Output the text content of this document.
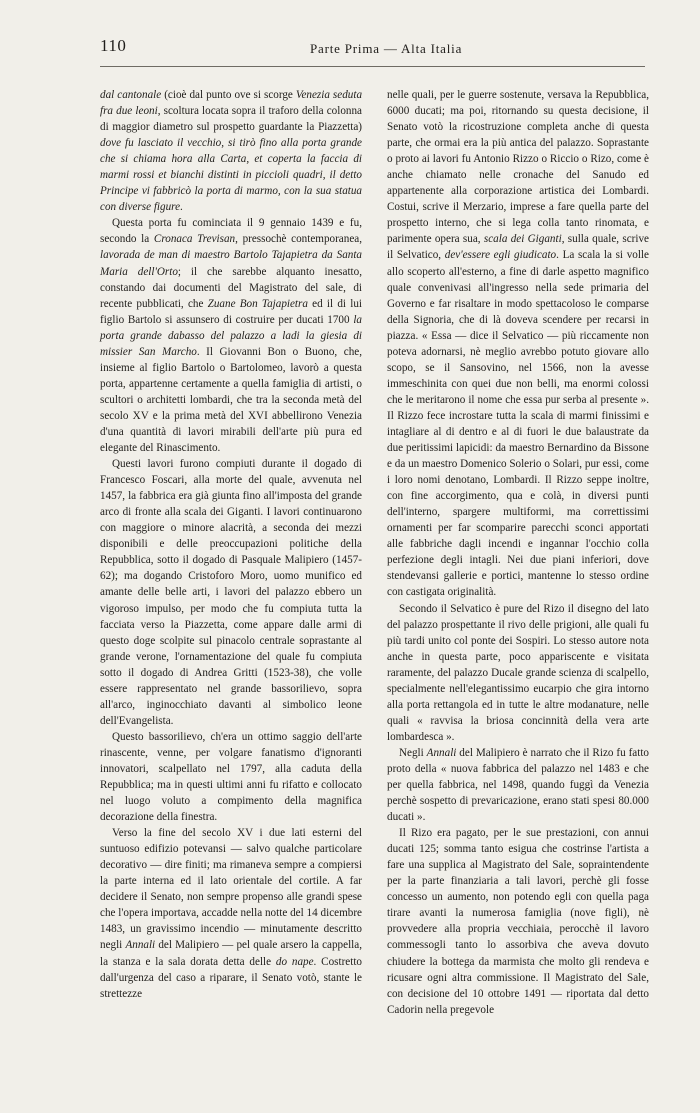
110	Parte Prima — Alta Italia

dal cantonale (cioè dal punto ove si scorge Venezia seduta fra due leoni, scoltura locata sopra il traforo della colonna di maggior diametro sul prospetto guardante la Piazzetta) dove fu lasciato il vecchio, si tirò fino alla porta grande che si chiama hora alla Carta, et coperta la faccia di marmi rossi et bianchi distinti in piccioli quadri, il detto Principe vi fabbricò la porta di marmo, con la sua statua con diverse figure.

Questa porta fu cominciata il 9 gennaio 1439 e fu, secondo la Cronaca Trevisan, pressochè contemporanea, lavorada de man di maestro Bartolo Tajapietra da Santa Maria dell'Orto; il che sarebbe alquanto inesatto, constando dai documenti del Magistrato del sale, di recente pubblicati, che Zuane Bon Tajapietra ed il di lui figlio Bartolo si assunsero di costruire per ducati 1700 la porta grande dabasso del palazzo a ladi la giesia di missier San Marcho. Il Giovanni Bon o Buono, che, insieme al figlio Bartolo o Bartolomeo, lavorò a questa porta, appartenne certamente a quella famiglia di artisti, o scultori o architetti lombardi, che tra la seconda metà del secolo XV e la prima metà del XVI abbellirono Venezia d'una quantità di lavori mirabili dell'arte più pura ed elegante del Rinascimento.

Questi lavori furono compiuti durante il dogado di Francesco Foscari, alla morte del quale, avvenuta nel 1457, la fabbrica era già giunta fino all'imposta del grande arco di fronte alla scala dei Giganti. I lavori continuarono con maggiore o minore alacrità, a seconda dei mezzi disponibili e delle preoccupazioni politiche della Repubblica, sotto il dogado di Pasquale Malipiero (1457-62); ma dogando Cristoforo Moro, uomo munifico ed amante delle belle arti, i lavori del palazzo ebbero un vigoroso impulso, per modo che fu compiuta tutta la facciata verso la Piazzetta, come appare dalle armi di questo doge scolpite sul pinacolo centrale soprastante al grande verone, l'ornamentazione del quale fu compiuta sotto il dogado di Andrea Gritti (1523-38), che volle essere rappresentato nel grande bassorilievo, sopra all'arco, inginocchiato davanti al simbolico leone dell'Evangelista.

Questo bassorilievo, ch'era un ottimo saggio dell'arte rinascente, venne, per volgare fanatismo d'ignoranti innovatori, scalpellato nel 1797, alla caduta della Repubblica; ma in questi ultimi anni fu rifatto e collocato nel luogo voluto a compimento della magnifica decorazione della finestra.

Verso la fine del secolo XV i due lati esterni del suntuoso edifizio potevansi — salvo qualche particolare decorativo — dire finiti; ma rimaneva sempre a compiersi la parte interna ed il lato orientale del cortile. A far decidere il Senato, non sempre propenso alle grandi spese che l'opera importava, accadde nella notte del 14 dicembre 1483, un gravissimo incendio — minutamente descritto negli Annali del Malipiero — pel quale arsero la cappella, la stanza e la sala dorata detta delle do nape. Costretto dall'urgenza del caso a riparare, il Senato votò, stante le strettezze

nelle quali, per le guerre sostenute, versava la Repubblica, 6000 ducati; ma poi, ritornando su questa decisione, il Senato votò la ricostruzione completa anche di questa parte, che ormai era la più antica del palazzo. Soprastante o proto ai lavori fu Antonio Rizzo o Riccio o Rizo, come è anche chiamato nelle cronache del Sanudo ed appartenente alla corporazione artistica dei Lombardi. Costui, scrive il Merzario, imprese a fare quella parte del prospetto interno, che si lega colla tanto rinomata, e parimente opera sua, scala dei Giganti, sulla quale, scrive il Selvatico, dev'essere egli giudicato. La scala la si volle allo scoperto all'esterno, a fine di darle aspetto magnifico quale convenivasi all'ingresso nella sede primaria del Governo e far risaltare in modo spettacoloso le comparse della Signoria, che di là doveva scendere per recarsi in piazza. « Essa — dice il Selvatico — più riccamente non poteva adornarsi, nè meglio avrebbo potuto giovare allo scopo, se il Sansovino, nel 1566, non la avesse immeschinita con quei due non belli, ma enormi colossi che le meritarono il nome che essa pur serba al presente ». Il Rizzo fece incrostare tutta la scala di marmi finissimi e intagliare al di dentro e al di fuori le due balaustrate da due peritissimi lapicidi: da maestro Bernardino da Bissone e da un maestro Domenico Solerio o Solari, pur essi, come i loro nomi denotano, Lombardi. Il Rizzo seppe inoltre, con fine accorgimento, qua e colà, in diversi punti dell'interno, spargere multiformi, ma correttissimi ornamenti per far scomparire parecchi sconci apportati alle fabbriche dagli incendi e ingannar l'occhio colla perfezione degli intagli. Nei due piani inferiori, dove stendevansi gallerie e portici, mantenne lo stesso ordine con castigata originalità.

Secondo il Selvatico è pure del Rizo il disegno del lato del palazzo prospettante il rivo delle prigioni, alle quali fu più tardi unito col ponte dei Sospiri. Lo stesso autore nota anche in questa parte, poco appariscente e visitata raramente, del palazzo Ducale grande scienza di scalpello, specialmente nell'elegantissimo eucarpio che gira intorno alla porta rettangola ed in tutte le altre modanature, nelle quali « ravvisa la briosa concinnità della vera arte lombardesca ».

Negli Annali del Malipiero è narrato che il Rizo fu fatto proto della « nuova fabbrica del palazzo nel 1483 e che per quella fabbrica, nel 1498, quando fuggì da Venezia perchè sospetto di prevaricazione, erano stati spesi 80.000 ducati ».

Il Rizo era pagato, per le sue prestazioni, con annui ducati 125; somma tanto esigua che costrinse l'artista a fare una supplica al Magistrato del Sale, sopraintendente per la parte finanziaria a tali lavori, perchè gli fosse concesso un aumento, non potendo egli con quella paga tirare avanti la numerosa famiglia (nove figli), nè provvedere alla propria vecchiaia, perocchè il lavoro commessogli tanto lo assorbiva che aveva dovuto chiudere la bottega da marmista che molto gli rendeva e ricusare ogni altra commissione. Il Magistrato del Sale, con decisione del 10 ottobre 1491 — riportata dal detto Cadorin nella pregevole
